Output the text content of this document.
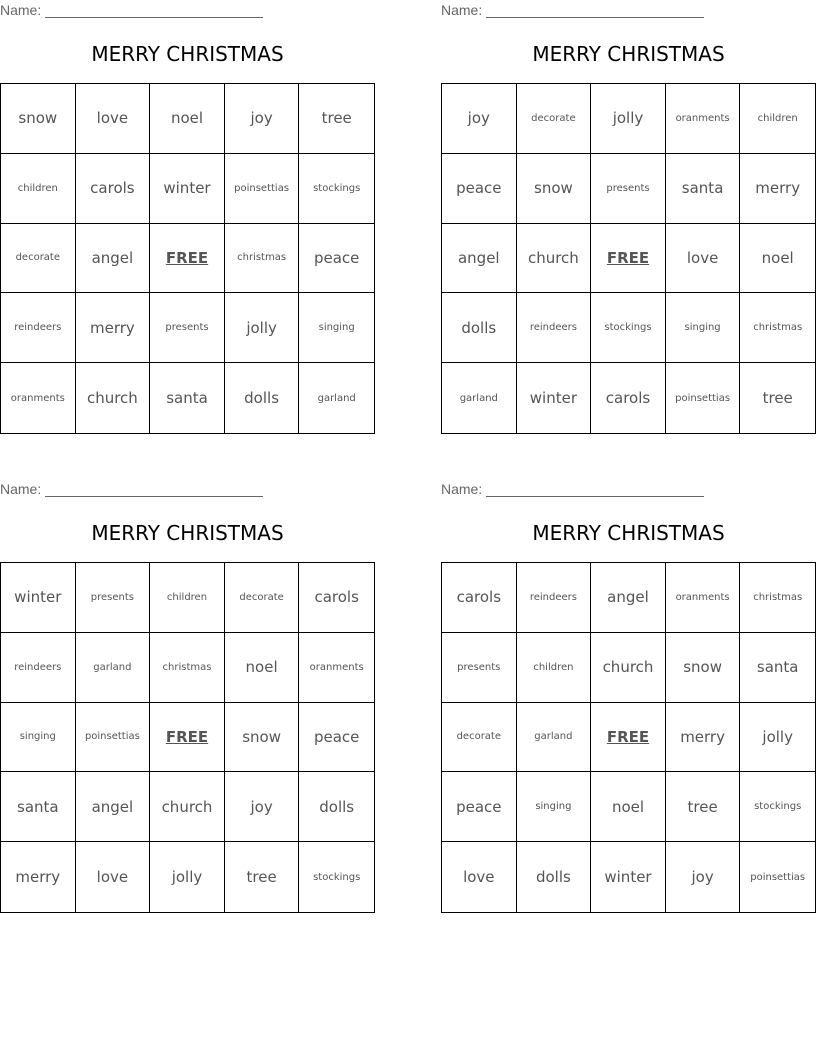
Name:
MERRY CHRISTMAS
snow	love	noel	joy	tree
children	carols	winter	poinsettias	stockings
decorate	angel	FREE	christmas	peace
reindeers	merry	presents	jolly	singing
oranments	church	santa	dolls	garland
Name:
MERRY CHRISTMAS
joy	decorate	jolly	oranments	children
peace	snow	presents	santa	merry
angel	church	FREE	love	noel
dolls	reindeers	stockings	singing	christmas
garland	winter	carols	poinsettias	tree
Name:
MERRY CHRISTMAS
winter	presents	children	decorate	carols
reindeers	garland	christmas	noel	oranments
singing	poinsettias	FREE	snow	peace
santa	angel	church	joy	dolls
merry	love	jolly	tree	stockings
Name:
MERRY CHRISTMAS
carols	reindeers	angel	oranments	christmas
presents	children	church	snow	santa
decorate	garland	FREE	merry	jolly
peace	singing	noel	tree	stockings
love	dolls	winter	joy	poinsettias
